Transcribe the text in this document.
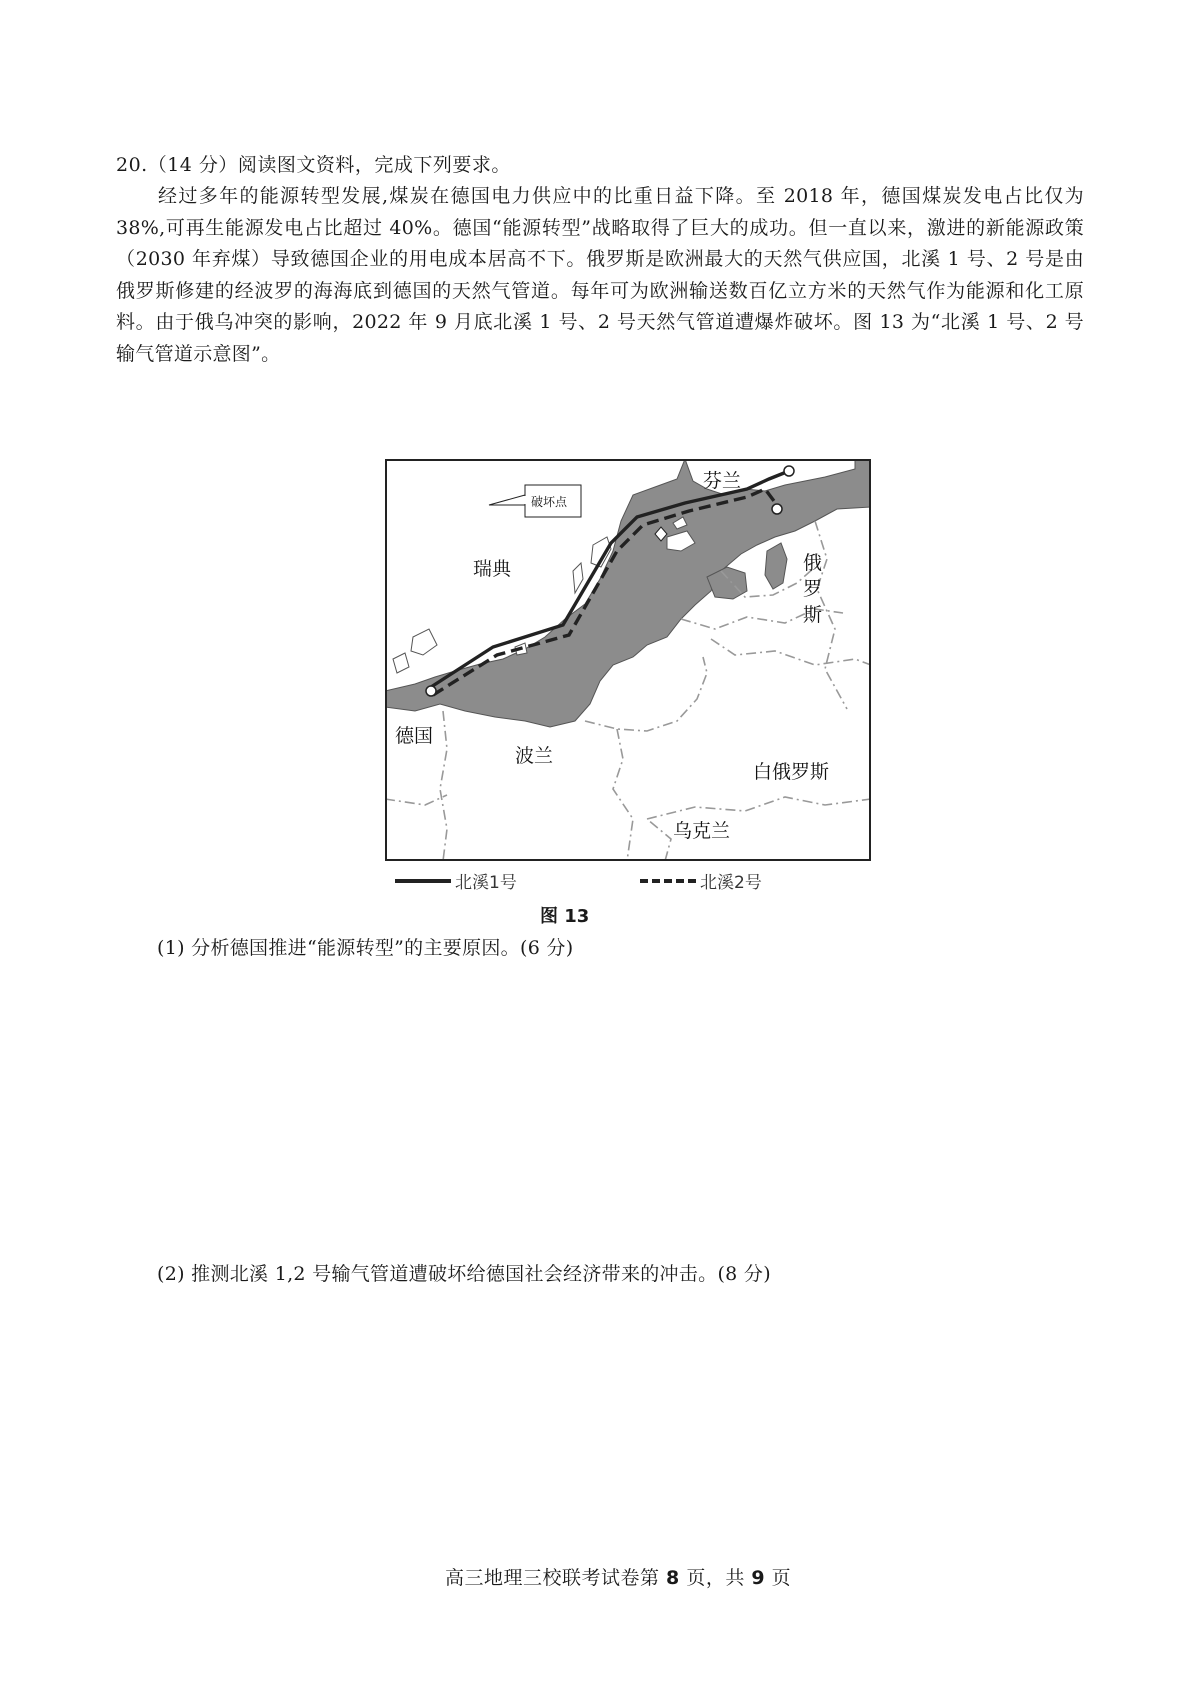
20.（14 分）阅读图文资料，完成下列要求。
经过多年的能源转型发展,煤炭在德国电力供应中的比重日益下降。至 2018 年，德国煤炭发电占比仅为 38%,可再生能源发电占比超过 40%。德国“能源转型”战略取得了巨大的成功。但一直以来，激进的新能源政策（2030 年弃煤）导致德国企业的用电成本居高不下。俄罗斯是欧洲最大的天然气供应国，北溪 1 号、2 号是由俄罗斯修建的经波罗的海海底到德国的天然气管道。每年可为欧洲输送数百亿立方米的天然气作为能源和化工原料。由于俄乌冲突的影响，2022 年 9 月底北溪 1 号、2 号天然气管道遭爆炸破坏。图 13 为“北溪 1 号、2 号输气管道示意图”。
破坏点
芬兰
瑞典	俄
罗
斯
德国
波兰
白俄罗斯
乌克兰
北溪1号	北溪2号
图 13
(1) 分析德国推进“能源转型”的主要原因。(6 分)
(2) 推测北溪 1,2 号输气管道遭破坏给德国社会经济带来的冲击。(8 分)
高三地理三校联考试卷第 8 页，共 9 页
